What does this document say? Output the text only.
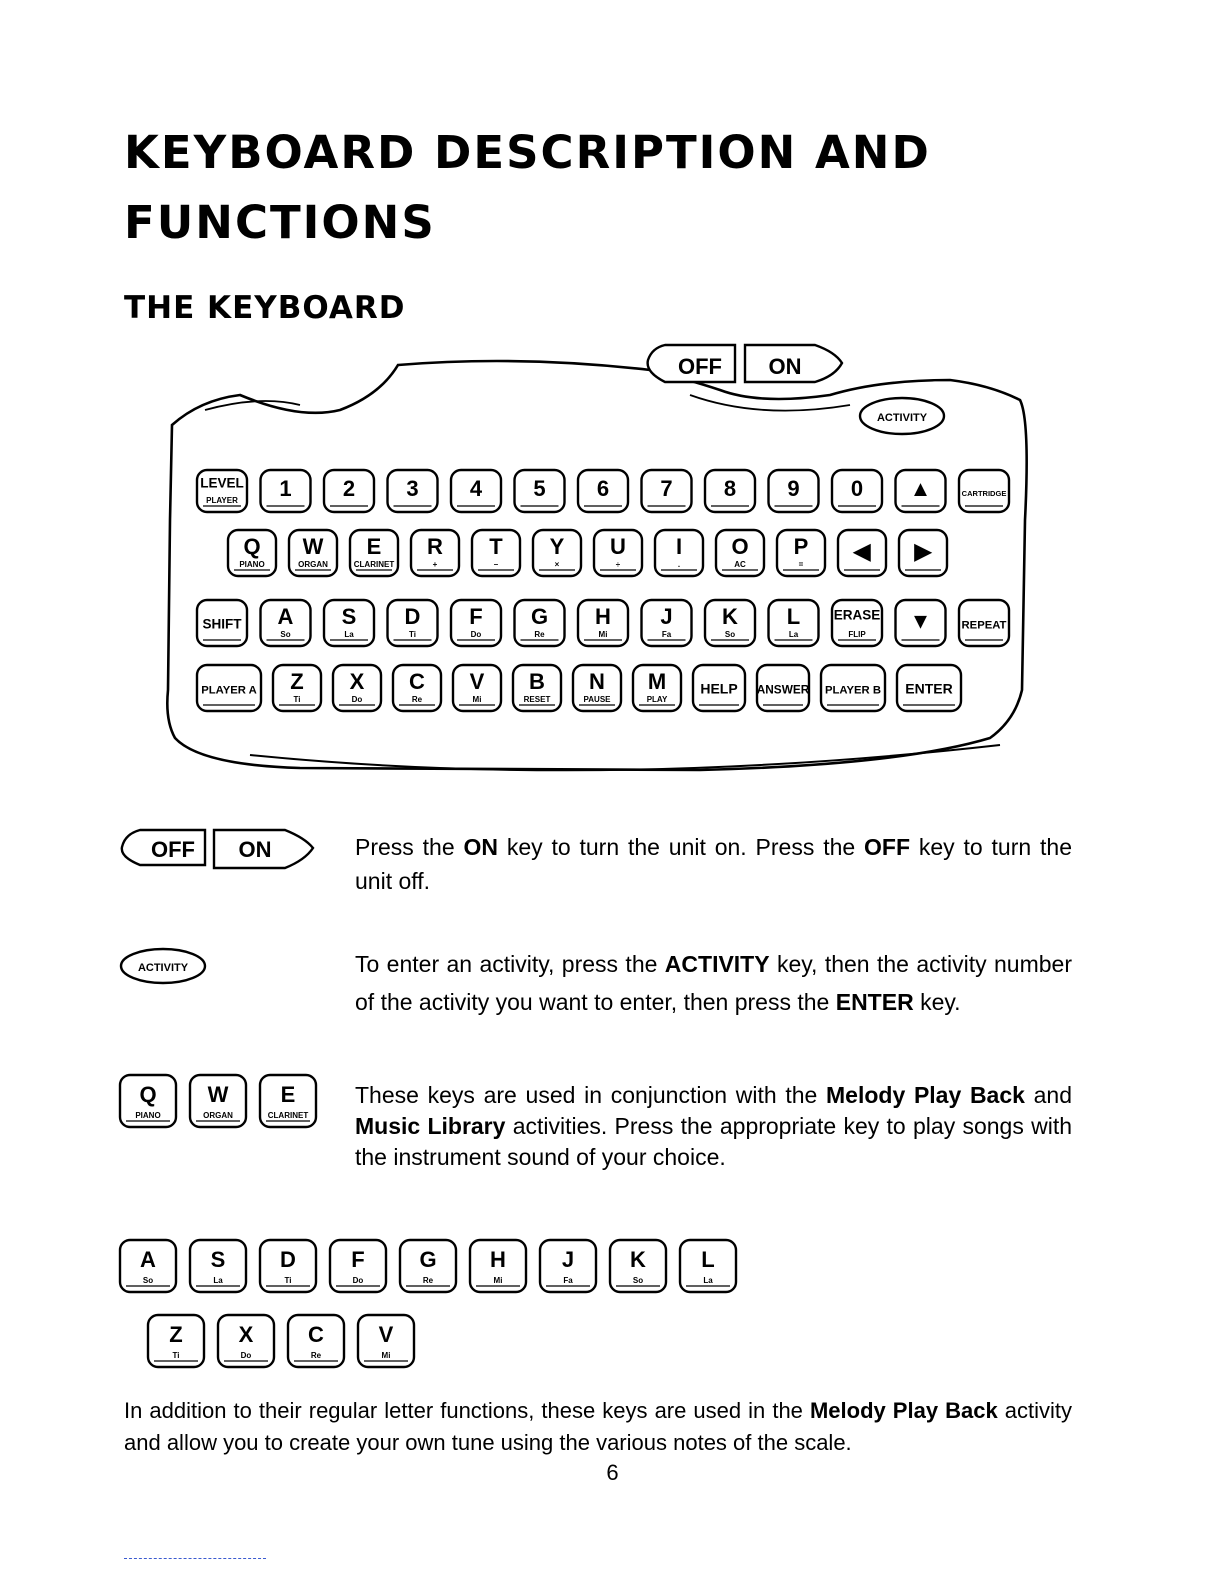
KEYBOARD DESCRIPTION AND FUNCTIONS
THE KEYBOARD
OFF ON
ACTIVITY
LEVEL
PLAYER 1 2 3 4 5 6 7 8 9 0 ▲	CARTRIDGE
Q
PIANO
W
ORGAN
E
CLARINET
R
+
T
–
Y
×
U
÷
I
.
O
AC
P
=
◀ ▶
SHIFT A
So
S
La
D
Ti
F
Do
G
Re
H
Mi
J
Fa
K
So
L
La
ERASE
FLIP
▼	REPEAT
PLAYER A Z
Ti
X
Do
C
Re
V
Mi
B
RESET
N
PAUSE
M
PLAY
HELP ANSWER PLAYER B ENTER
OFF ON
ACTIVITY
Q
PIANO
W
ORGAN
E
CLARINET
A
So
S
La
D
Ti
F
Do
G
Re
H
Mi
J
Fa
K
So
L
La
Z
Ti
X
Do
C
Re
V
Mi
Press the ON key to turn the unit on. Press the OFF key to turn the unit off.
To enter an activity, press the ACTIVITY key, then the activity number of the activity you want to enter, then press the ENTER key.
These keys are used in conjunction with the Melody Play Back and Music Library activities. Press the appropriate key to play songs with the instrument sound of your choice.
In addition to their regular letter functions, these keys are used in the Melody Play Back activity and allow you to create your own tune using the various notes of the scale.
6
